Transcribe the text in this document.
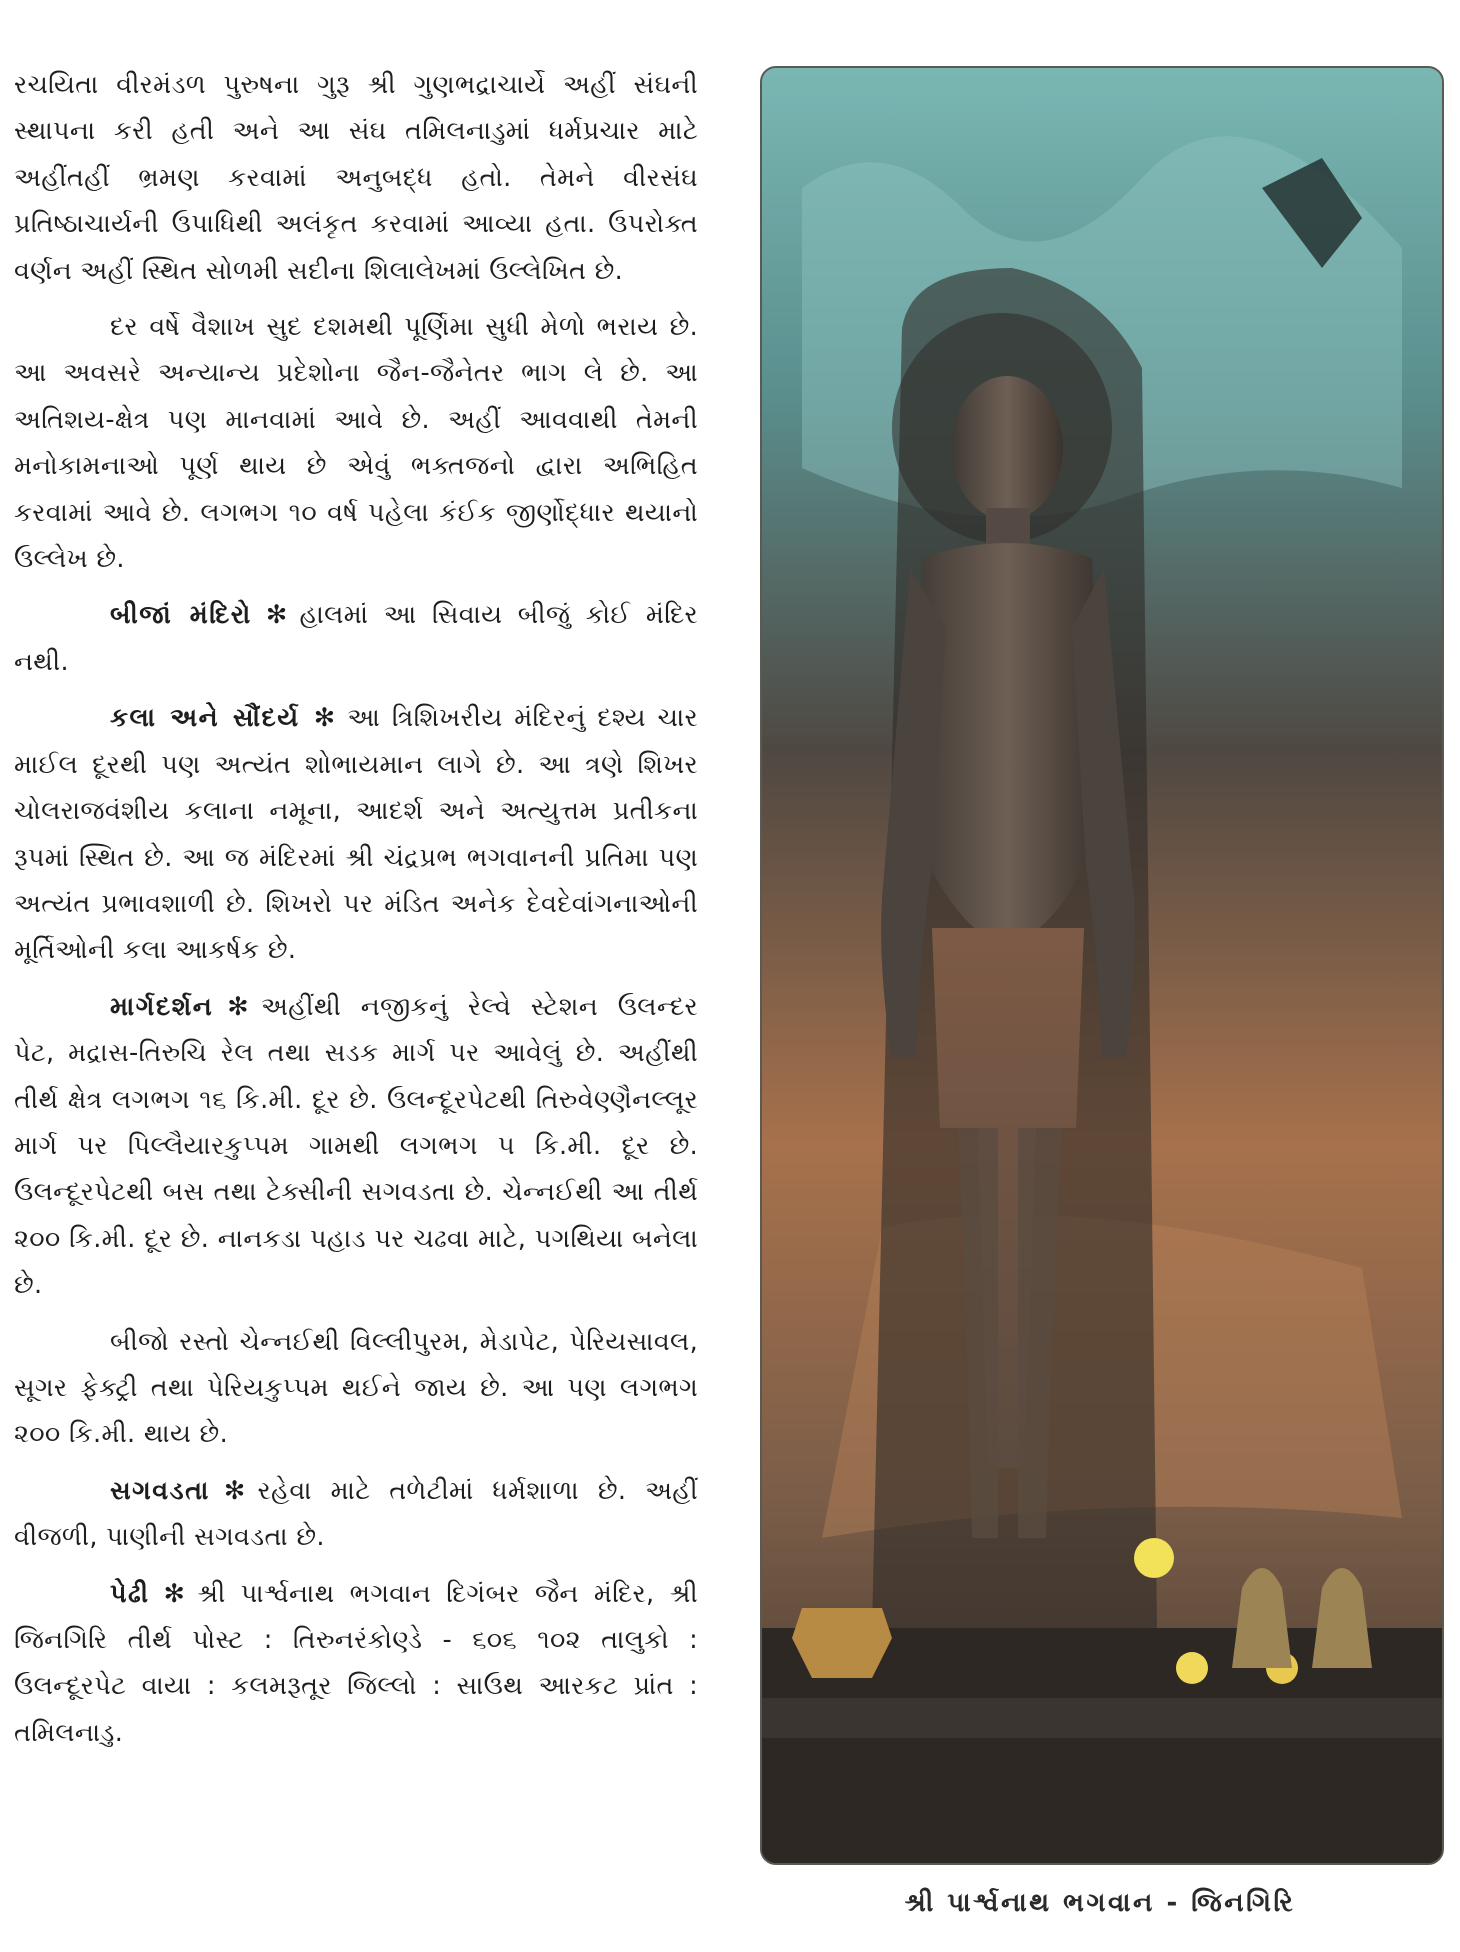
રચયિતા વીરમંડળ પુરુષના ગુરૂ શ્રી ગુણભદ્રાચાર્યે અહીં સંઘની સ્થાપના કરી હતી અને આ સંઘ તમિલનાડુમાં ધર્મપ્રચાર માટે અહીંતહીં ભ્રમણ કરવામાં અનુબદ્ધ હતો. તેમને વીરસંઘ પ્રતિષ્ઠાચાર્યની ઉપાધિથી અલંકૃત કરવામાં આવ્યા હતા. ઉપરોક્ત વર્ણન અહીં સ્થિત સોળમી સદીના શિલાલેખમાં ઉલ્લેખિત છે.

દર વર્ષે વૈશાખ સુદ દશમથી પૂર્ણિમા સુધી મેળો ભરાય છે. આ અવસરે અન્યાન્ય પ્રદેશોના જૈન-જૈનેતર ભાગ લે છે. આ અતિશય-ક્ષેત્ર પણ માનવામાં આવે છે. અહીં આવવાથી તેમની મનોકામનાઓ પૂર્ણ થાય છે એવું ભક્તજનો દ્વારા અભિહિત કરવામાં આવે છે. લગભગ ૧૦ વર્ષ પહેલા કંઈક જીર્ણોદ્ધાર થયાનો ઉલ્લેખ છે.

બીજાં મંદિરો ✻ હાલમાં આ સિવાય બીજું કોઈ મંદિર નથી.

કલા અને સૌંદર્ય ✻ આ ત્રિશિખરીય મંદિરનું દશ્ય ચાર માઈલ દૂરથી પણ અત્યંત શોભાયમાન લાગે છે. આ ત્રણે શિખર ચોલરાજવંશીય કલાના નમૂના, આદર્શ અને અત્યુત્તમ પ્રતીકના રૂપમાં સ્થિત છે. આ જ મંદિરમાં શ્રી ચંદ્રપ્રભ ભગવાનની પ્રતિમા પણ અત્યંત પ્રભાવશાળી છે. શિખરો પર મંડિત અનેક દેવદેવાંગનાઓની મૂર્તિઓની કલા આકર્ષક છે.

માર્ગદર્શન ✻ અહીંથી નજીકનું રેલ્વે સ્ટેશન ઉલન્દર પેટ, મદ્રાસ-તિરુચિ રેલ તથા સડક માર્ગ પર આવેલું છે. અહીંથી તીર્થ ક્ષેત્ર લગભગ ૧૬ કિ.મી. દૂર છે. ઉલન્દૂરપેટથી તિરુવેણ્ણૈનલ્લૂર માર્ગ પર પિલ્લૈયારકુપ્પમ ગામથી લગભગ ૫ કિ.મી. દૂર છે. ઉલન્દૂરપેટથી બસ તથા ટેક્સીની સગવડતા છે. ચેન્નઈથી આ તીર્થ ૨૦૦ કિ.મી. દૂર છે. નાનકડા પહાડ પર ચઢવા માટે, પગથિયા બનેલા છે.

બીજો રસ્તો ચેન્નઈથી વિલ્લીપુરમ, મેડાપેટ, પેરિયસાવલ, સૂગર ફેક્ટ્રી તથા પેરિયકુપ્પમ થઈને જાય છે. આ પણ લગભગ ૨૦૦ કિ.મી. થાય છે.

સગવડતા ✻ રહેવા માટે તળેટીમાં ધર્મશાળા છે. અહીં વીજળી, પાણીની સગવડતા છે.

પેઢી ✻ શ્રી પાર્શ્વનાથ ભગવાન દિગંબર જૈન મંદિર, શ્રી જિનગિરિ તીર્થ પોસ્ટ : તિરુનરંકોણ્ડે - ૬૦૬ ૧૦૨ તાલુકો : ઉલન્દૂરપેટ વાયા : કલમરૂતૂર જિલ્લો : સાઉથ આરકટ પ્રાંત : તમિલનાડુ.

શ્રી પાર્શ્વનાથ ભગવાન - જિનગિરિ
